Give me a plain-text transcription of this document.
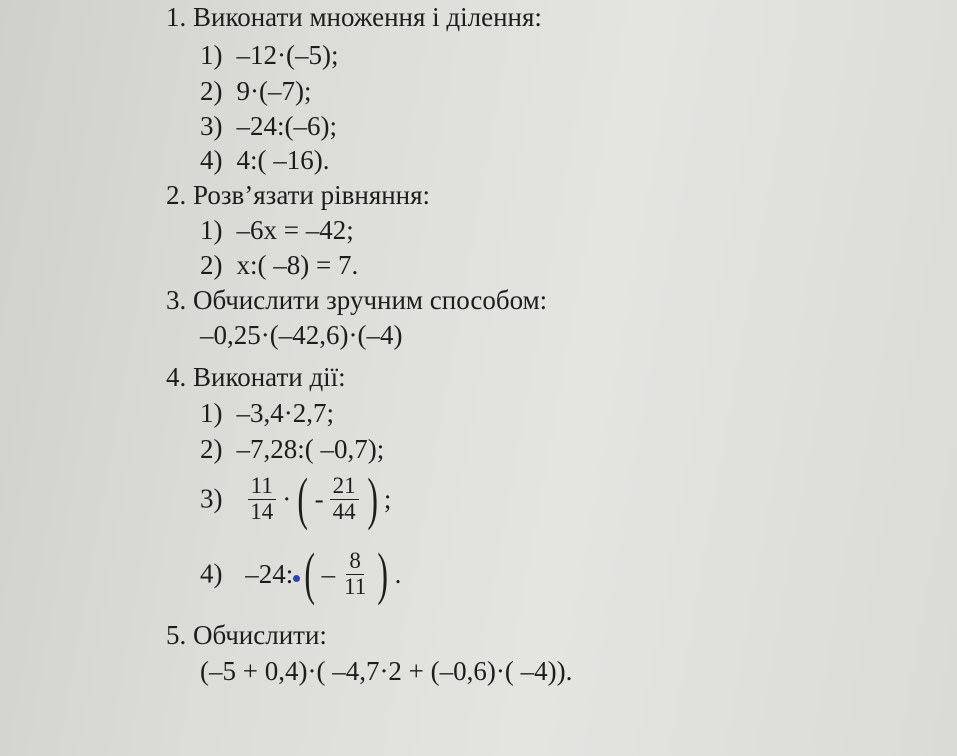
1. Виконати множення і ділення:
1) –12·(–5);
2) 9·(–7);
3) –24:(–6);
4) 4:( –16).
2. Розв’язати рівняння:
1) –6x = –42;
2) x:( –8) = 7.
3. Обчислити зручним способом:
–0,25·(–42,6)·(–4)
4. Виконати дії:
1) –3,4·2,7;
2) –7,28:( –0,7);
$3) \frac{11}{14}$ · ( - $\frac{21}{44}$ ) ;
4) –24: ( – $\frac{8}{11}$ ) .
5. Обчислити:
(–5 + 0,4)·( –4,7·2 + (–0,6)·( –4)).
